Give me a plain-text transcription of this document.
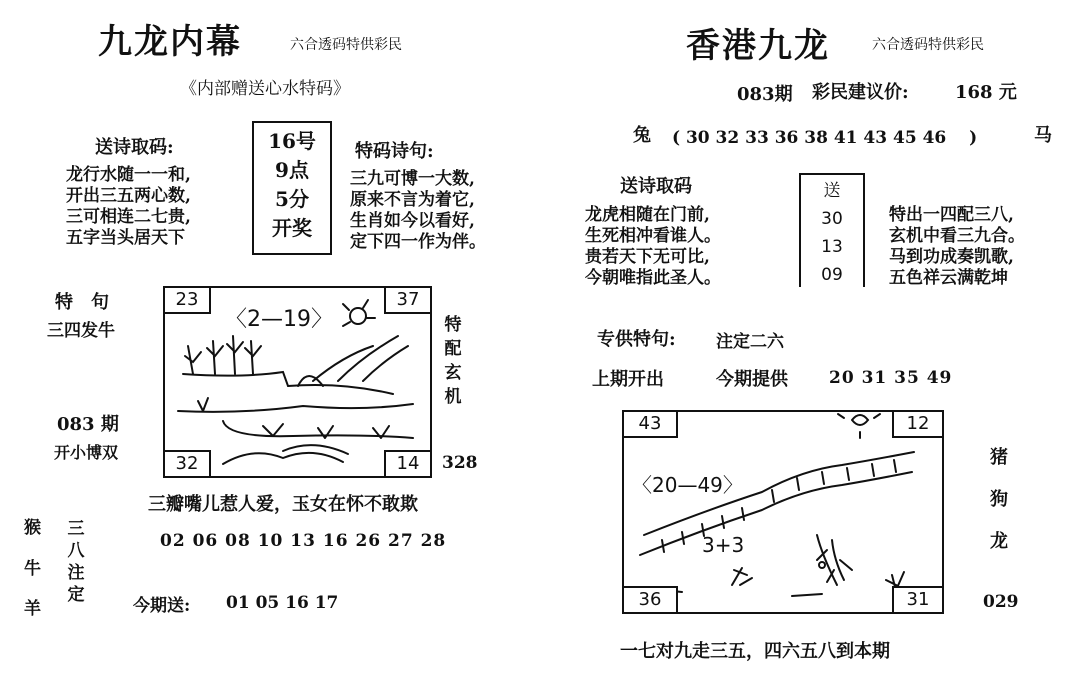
九龙内幕	六合透码特供彩民
《内部赠送心水特码》
送诗取码:
龙行水随一一和,
开出三五两心数,
三可相连二七贵,
五字当头居天下
16号
9点
5分
开奖
特码诗句:
三九可博一大数,
原来不言为着它,
生肖如今以看好,
定下四一作为伴。
特　句
三四发牛
083 期
开小博双
〈2—19〉
23	37
32	14
特配玄机
328
三瓣嘴儿惹人爱，玉女在怀不敢欺
02 06 08 10 13 16 26 27 28
猴
牛
羊
三八
注定
今期送: 01 05 16 17
香港九龙	六合透码特供彩民
083期 彩民建议价:	168 元
兔 ( 30 32 33 36 38 41 43 45 46　 )	马
送诗取码
龙虎相随在门前,
生死相冲看谁人。
贵若天下无可比,
今朝唯指此圣人。
送
30
13
09
特出一四配三八,
玄机中看三九合。
马到功成奏凯歌,
五色祥云满乾坤
专供特句: 注定二六
上期开出	今期提供 20 31 35 49
〈20—49〉
3+3
43	12
36	31
猪
狗
龙
029
一七对九走三五，四六五八到本期
